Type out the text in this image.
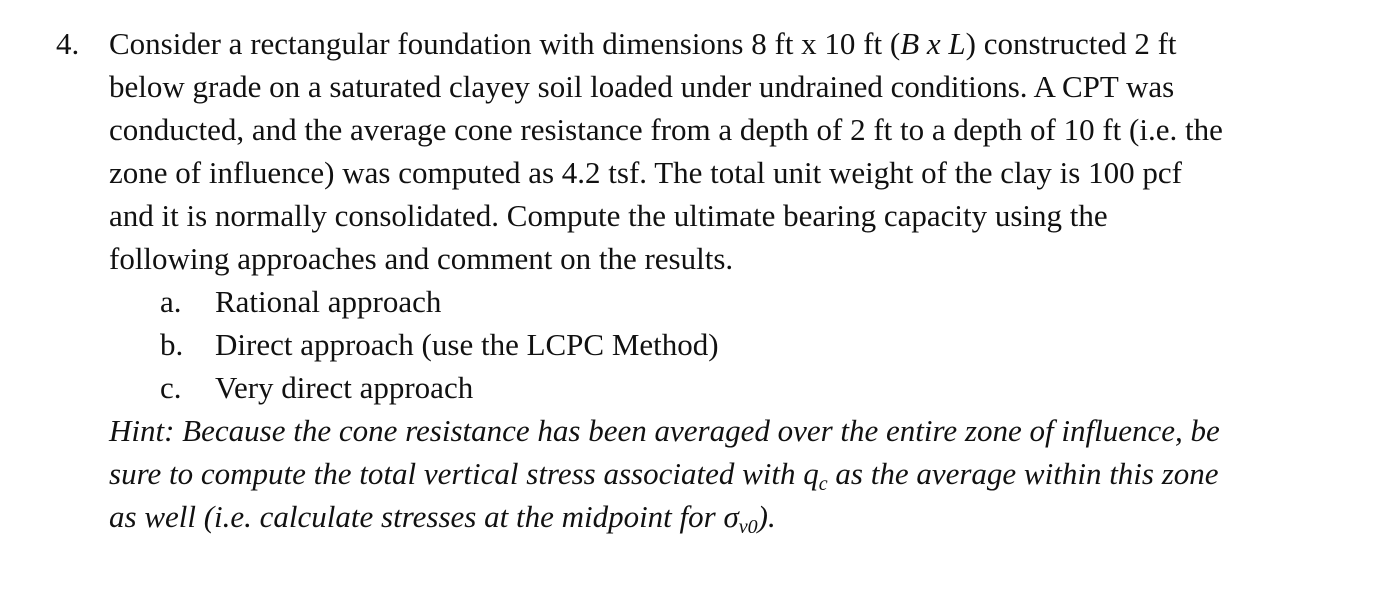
4. Consider a rectangular foundation with dimensions 8 ft x 10 ft (B x L) constructed 2 ft
below grade on a saturated clayey soil loaded under undrained conditions. A CPT was
conducted, and the average cone resistance from a depth of 2 ft to a depth of 10 ft (i.e. the
zone of influence) was computed as 4.2 tsf. The total unit weight of the clay is 100 pcf
and it is normally consolidated. Compute the ultimate bearing capacity using the
following approaches and comment on the results.
a. Rational approach
b. Direct approach (use the LCPC Method)
c. Very direct approach
Hint: Because the cone resistance has been averaged over the entire zone of influence, be
sure to compute the total vertical stress associated with $q_c$ as the average within this zone
as well (i.e. calculate stresses at the midpoint for $\sigma_{v0}$).
